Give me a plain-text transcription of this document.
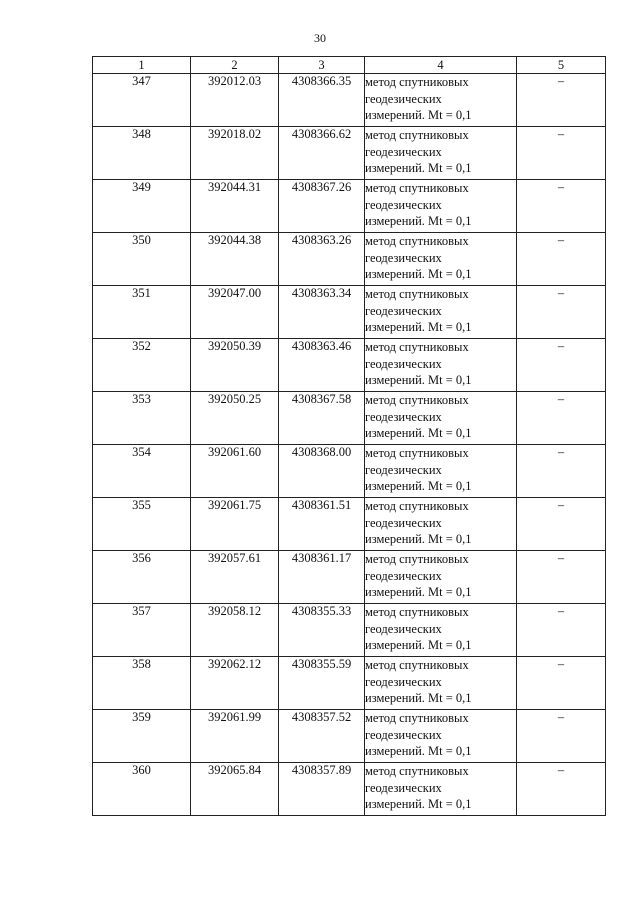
30
1	2	3	4	5
347	392012.03	4308366.35	метод спутниковых
геодезических
измерений. Mt = 0,1	–
348	392018.02	4308366.62	метод спутниковых
геодезических
измерений. Mt = 0,1	–
349	392044.31	4308367.26	метод спутниковых
геодезических
измерений. Mt = 0,1	–
350	392044.38	4308363.26	метод спутниковых
геодезических
измерений. Mt = 0,1	–
351	392047.00	4308363.34	метод спутниковых
геодезических
измерений. Mt = 0,1	–
352	392050.39	4308363.46	метод спутниковых
геодезических
измерений. Mt = 0,1	–
353	392050.25	4308367.58	метод спутниковых
геодезических
измерений. Mt = 0,1	–
354	392061.60	4308368.00	метод спутниковых
геодезических
измерений. Mt = 0,1	–
355	392061.75	4308361.51	метод спутниковых
геодезических
измерений. Mt = 0,1	–
356	392057.61	4308361.17	метод спутниковых
геодезических
измерений. Mt = 0,1	–
357	392058.12	4308355.33	метод спутниковых
геодезических
измерений. Mt = 0,1	–
358	392062.12	4308355.59	метод спутниковых
геодезических
измерений. Mt = 0,1	–
359	392061.99	4308357.52	метод спутниковых
геодезических
измерений. Mt = 0,1	–
360	392065.84	4308357.89	метод спутниковых
геодезических
измерений. Mt = 0,1	–
